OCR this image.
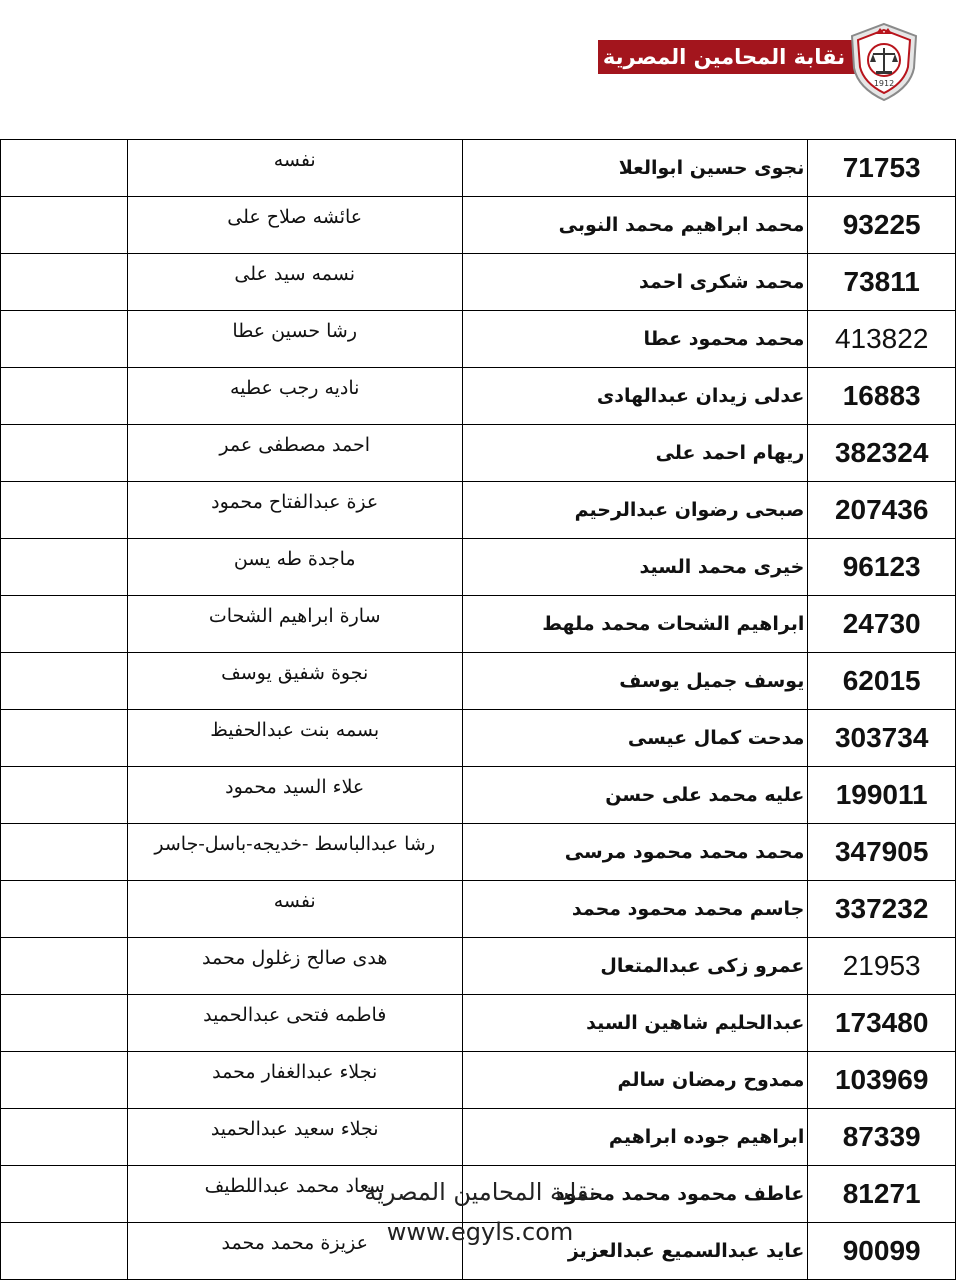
نقابة المحامين المصرية
1912
	نفسه	نجوى حسين ابوالعلا	71753
	عائشه صلاح على	محمد ابراهيم محمد النوبى	93225
	نسمه سيد على	محمد شكرى احمد	73811
	رشا حسين عطا	محمد محمود عطا	413822
	ناديه رجب عطيه	عدلى زيدان عبدالهادى	16883
	احمد مصطفى عمر	ريهام احمد على	382324
	عزة عبدالفتاح محمود	صبحى رضوان عبدالرحيم	207436
	ماجدة طه يسن	خيرى محمد السيد	96123
	سارة ابراهيم الشحات	ابراهيم الشحات محمد ملهط	24730
	نجوة شفيق يوسف	يوسف جميل يوسف	62015
	بسمه بنت عبدالحفيظ	مدحت كمال عيسى	303734
	علاء السيد محمود	عليه محمد على حسن	199011
	رشا عبدالباسط -خديجه-باسل-جاسر	محمد محمد محمود مرسى	347905
	نفسه	جاسم محمد محمود محمد	337232
	هدى صالح زغلول محمد	عمرو زكى عبدالمتعال	21953
	فاطمه فتحى عبدالحميد	عبدالحليم شاهين السيد	173480
	نجلاء عبدالغفار محمد	ممدوح رمضان سالم	103969
	نجلاء سعيد عبدالحميد	ابراهيم جوده ابراهيم	87339
	سعاد محمد عبداللطيف	عاطف محمود محمد محمود	81271
	عزيزة محمد محمد	عايد عبدالسميع عبدالعزيز	90099
نقابة المحامين المصرية
www.egyls.com
